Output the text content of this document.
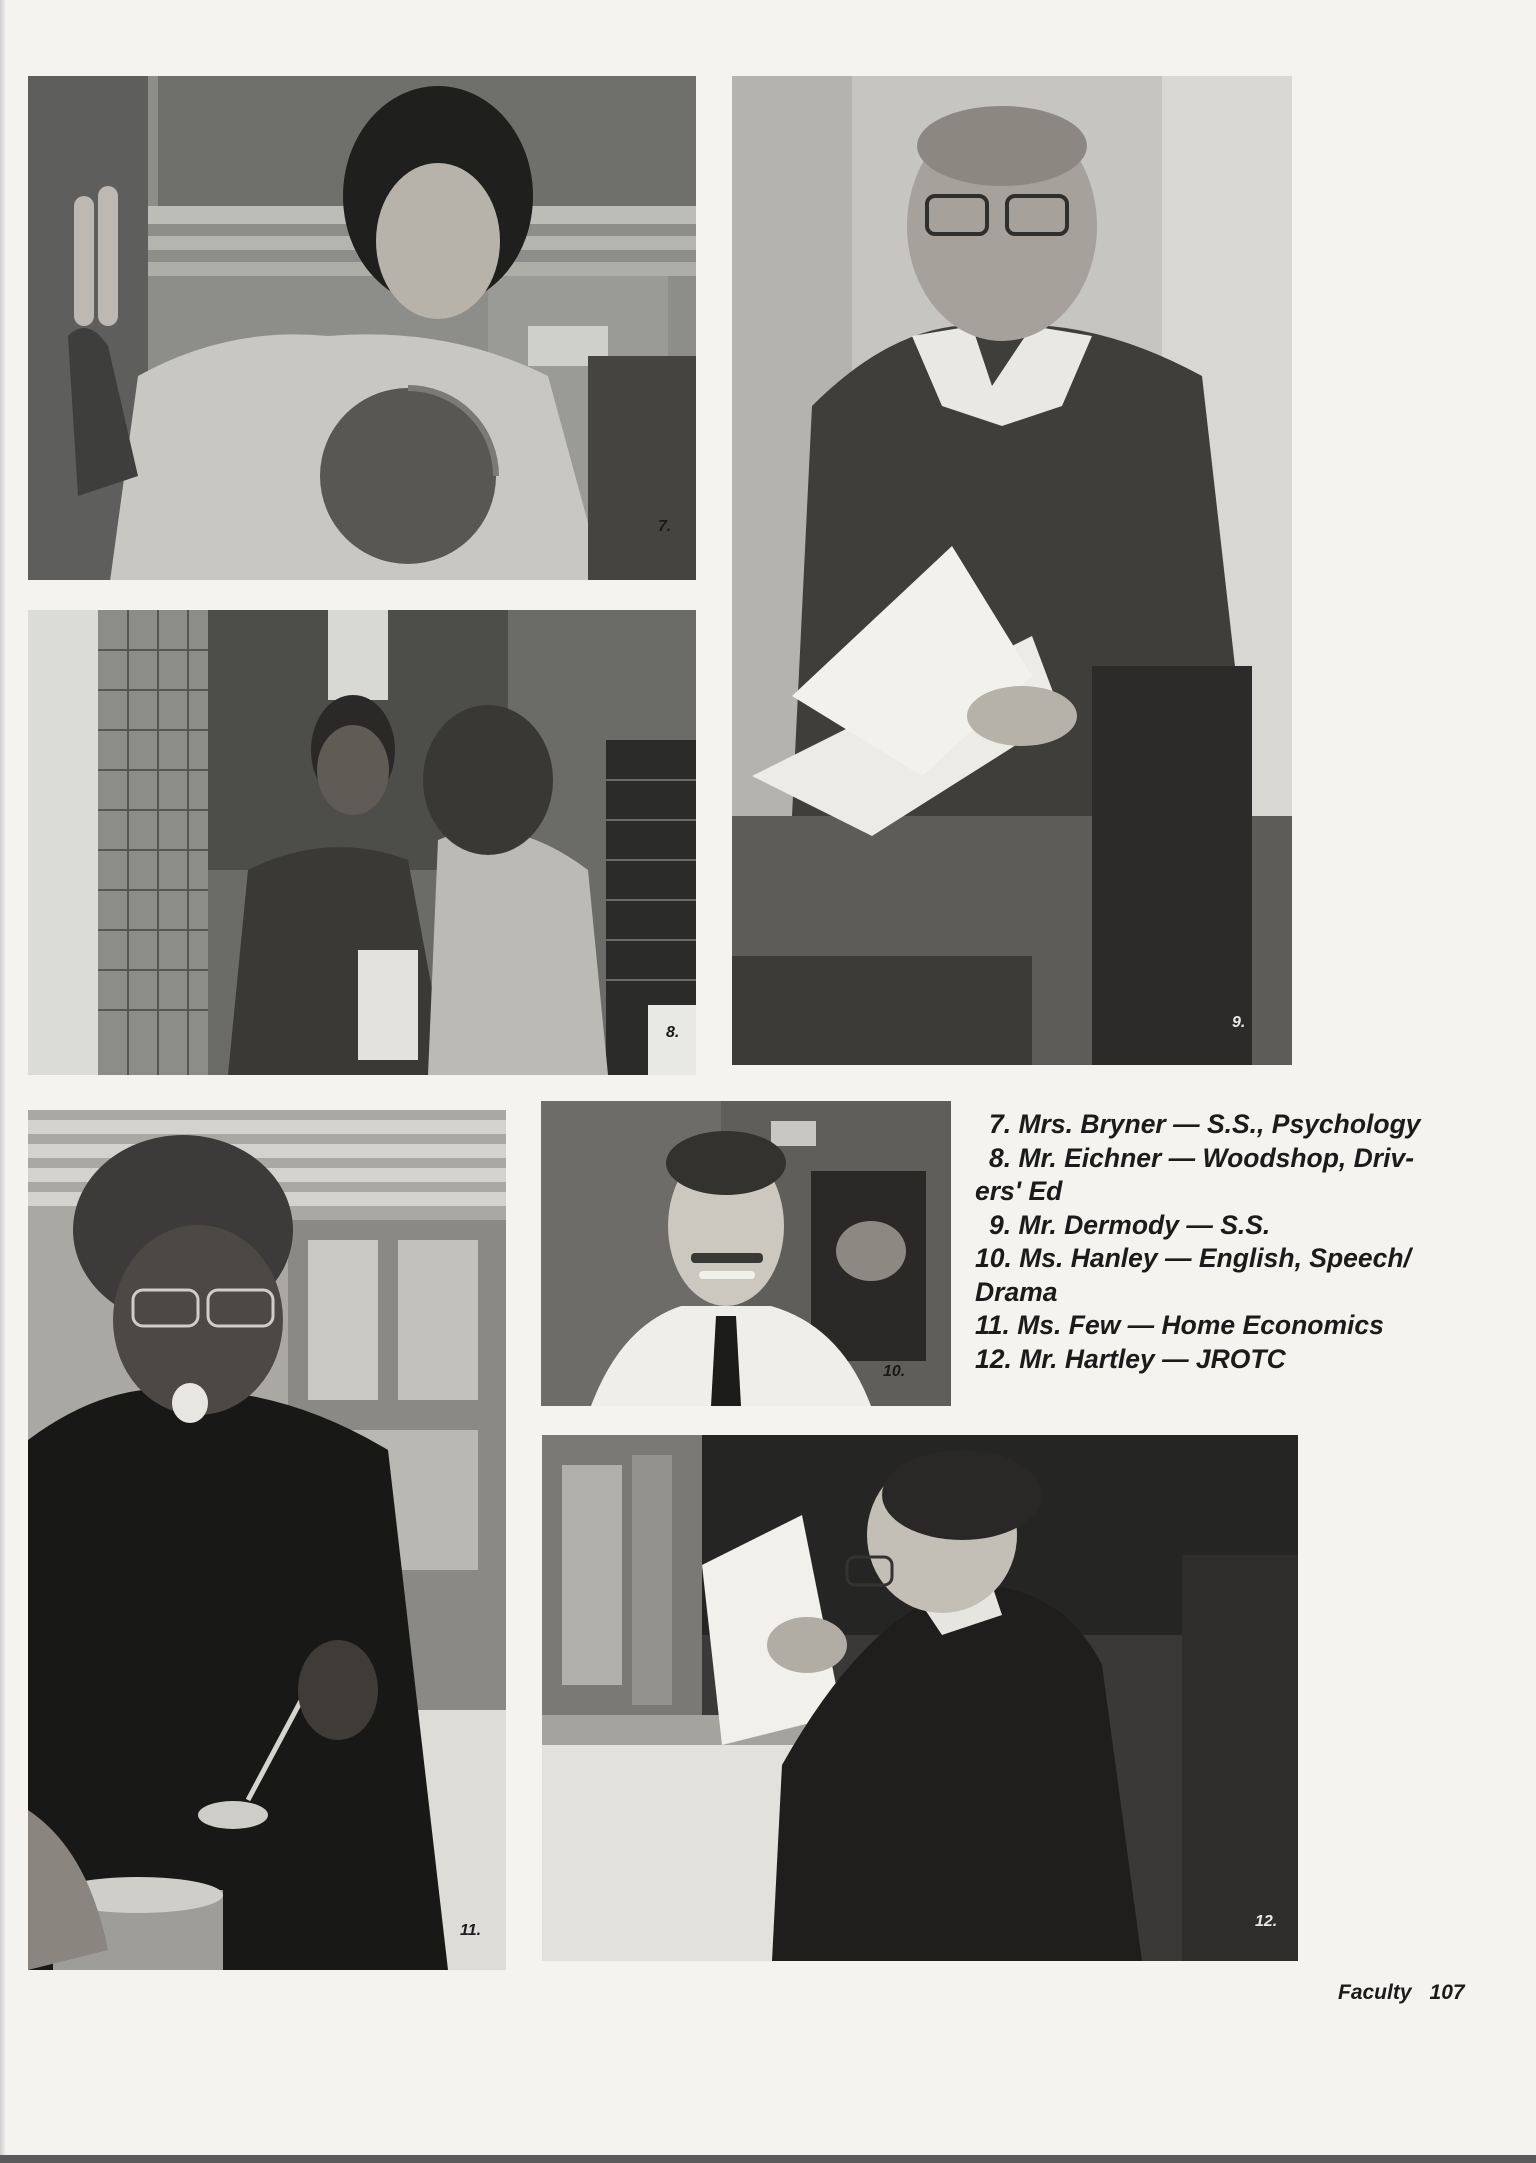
7.
8.
9.
11.
10.
12.
7. Mrs. Bryner — S.S., Psychology
8. Mr. Eichner — Woodshop, Driv-
ers' Ed
9. Mr. Dermody — S.S.
10. Ms. Hanley — English, Speech/
Drama
11. Ms. Few — Home Economics
12. Mr. Hartley — JROTC
Faculty 107
